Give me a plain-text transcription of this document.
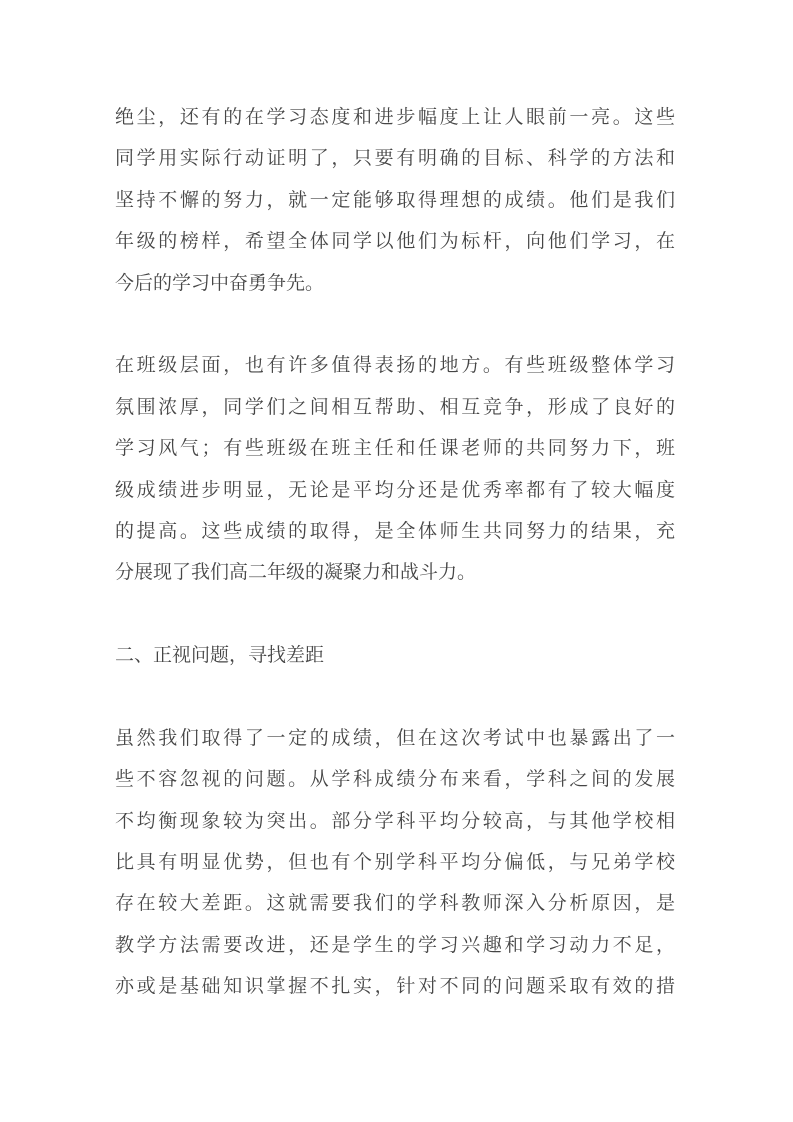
绝尘，还有的在学习态度和进步幅度上让人眼前一亮。这些
同学用实际行动证明了，只要有明确的目标、科学的方法和
坚持不懈的努力，就一定能够取得理想的成绩。他们是我们
年级的榜样，希望全体同学以他们为标杆，向他们学习，在
今后的学习中奋勇争先。
在班级层面，也有许多值得表扬的地方。有些班级整体学习
氛围浓厚，同学们之间相互帮助、相互竞争，形成了良好的
学习风气；有些班级在班主任和任课老师的共同努力下，班
级成绩进步明显，无论是平均分还是优秀率都有了较大幅度
的提高。这些成绩的取得，是全体师生共同努力的结果，充
分展现了我们高二年级的凝聚力和战斗力。
二、正视问题，寻找差距
虽然我们取得了一定的成绩，但在这次考试中也暴露出了一
些不容忽视的问题。从学科成绩分布来看，学科之间的发展
不均衡现象较为突出。部分学科平均分较高，与其他学校相
比具有明显优势，但也有个别学科平均分偏低，与兄弟学校
存在较大差距。这就需要我们的学科教师深入分析原因，是
教学方法需要改进，还是学生的学习兴趣和学习动力不足，
亦或是基础知识掌握不扎实，针对不同的问题采取有效的措
